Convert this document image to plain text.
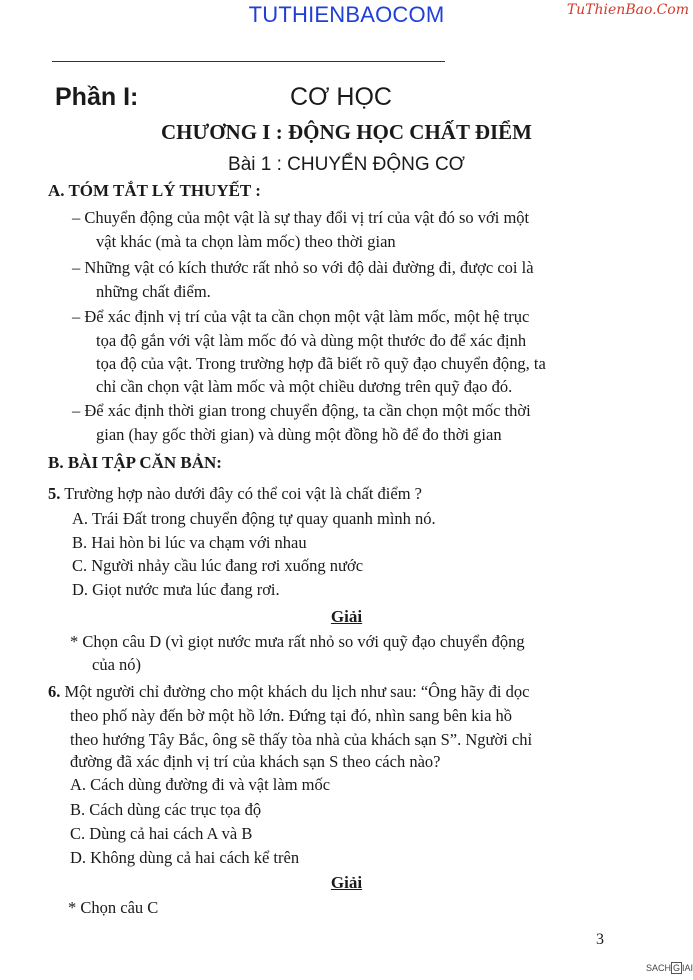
TUTHIENBAOCOM	TuThienBao.Com
Phần I:	CƠ HỌC
CHƯƠNG I : ĐỘNG HỌC CHẤT ĐIỂM
Bài 1 : CHUYỂN ĐỘNG CƠ
A. TÓM TẮT LÝ THUYẾT :
– Chuyển động của một vật là sự thay đổi vị trí của vật đó so với một
vật khác (mà ta chọn làm mốc) theo thời gian
– Những vật có kích thước rất nhỏ so với độ dài đường đi, được coi là
những chất điểm.
– Để xác định vị trí của vật ta cần chọn một vật làm mốc, một hệ trục
tọa độ gắn với vật làm mốc đó và dùng một thước đo để xác định
tọa độ của vật. Trong trường hợp đã biết rõ quỹ đạo chuyển động, ta
chỉ cần chọn vật làm mốc và một chiều dương trên quỹ đạo đó.
– Để xác định thời gian trong chuyển động, ta cần chọn một mốc thời
gian (hay gốc thời gian) và dùng một đồng hồ để đo thời gian
B. BÀI TẬP CĂN BẢN:
5. Trường hợp nào dưới đây có thể coi vật là chất điểm ?
A. Trái Đất trong chuyển động tự quay quanh mình nó.
B. Hai hòn bi lúc va chạm với nhau
C. Người nhảy cầu lúc đang rơi xuống nước
D. Giọt nước mưa lúc đang rơi.
Giải
* Chọn câu D (vì giọt nước mưa rất nhỏ so với quỹ đạo chuyển động
của nó)
6. Một người chỉ đường cho một khách du lịch như sau: “Ông hãy đi dọc
theo phố này đến bờ một hồ lớn. Đứng tại đó, nhìn sang bên kia hồ
theo hướng Tây Bắc, ông sẽ thấy tòa nhà của khách sạn S”. Người chỉ
đường đã xác định vị trí của khách sạn S theo cách nào?
A. Cách dùng đường đi và vật làm mốc
B. Cách dùng các trục tọa độ
C. Dùng cả hai cách A và B
D. Không dùng cả hai cách kể trên
Giải
* Chọn câu C
3
SACH G IAI
